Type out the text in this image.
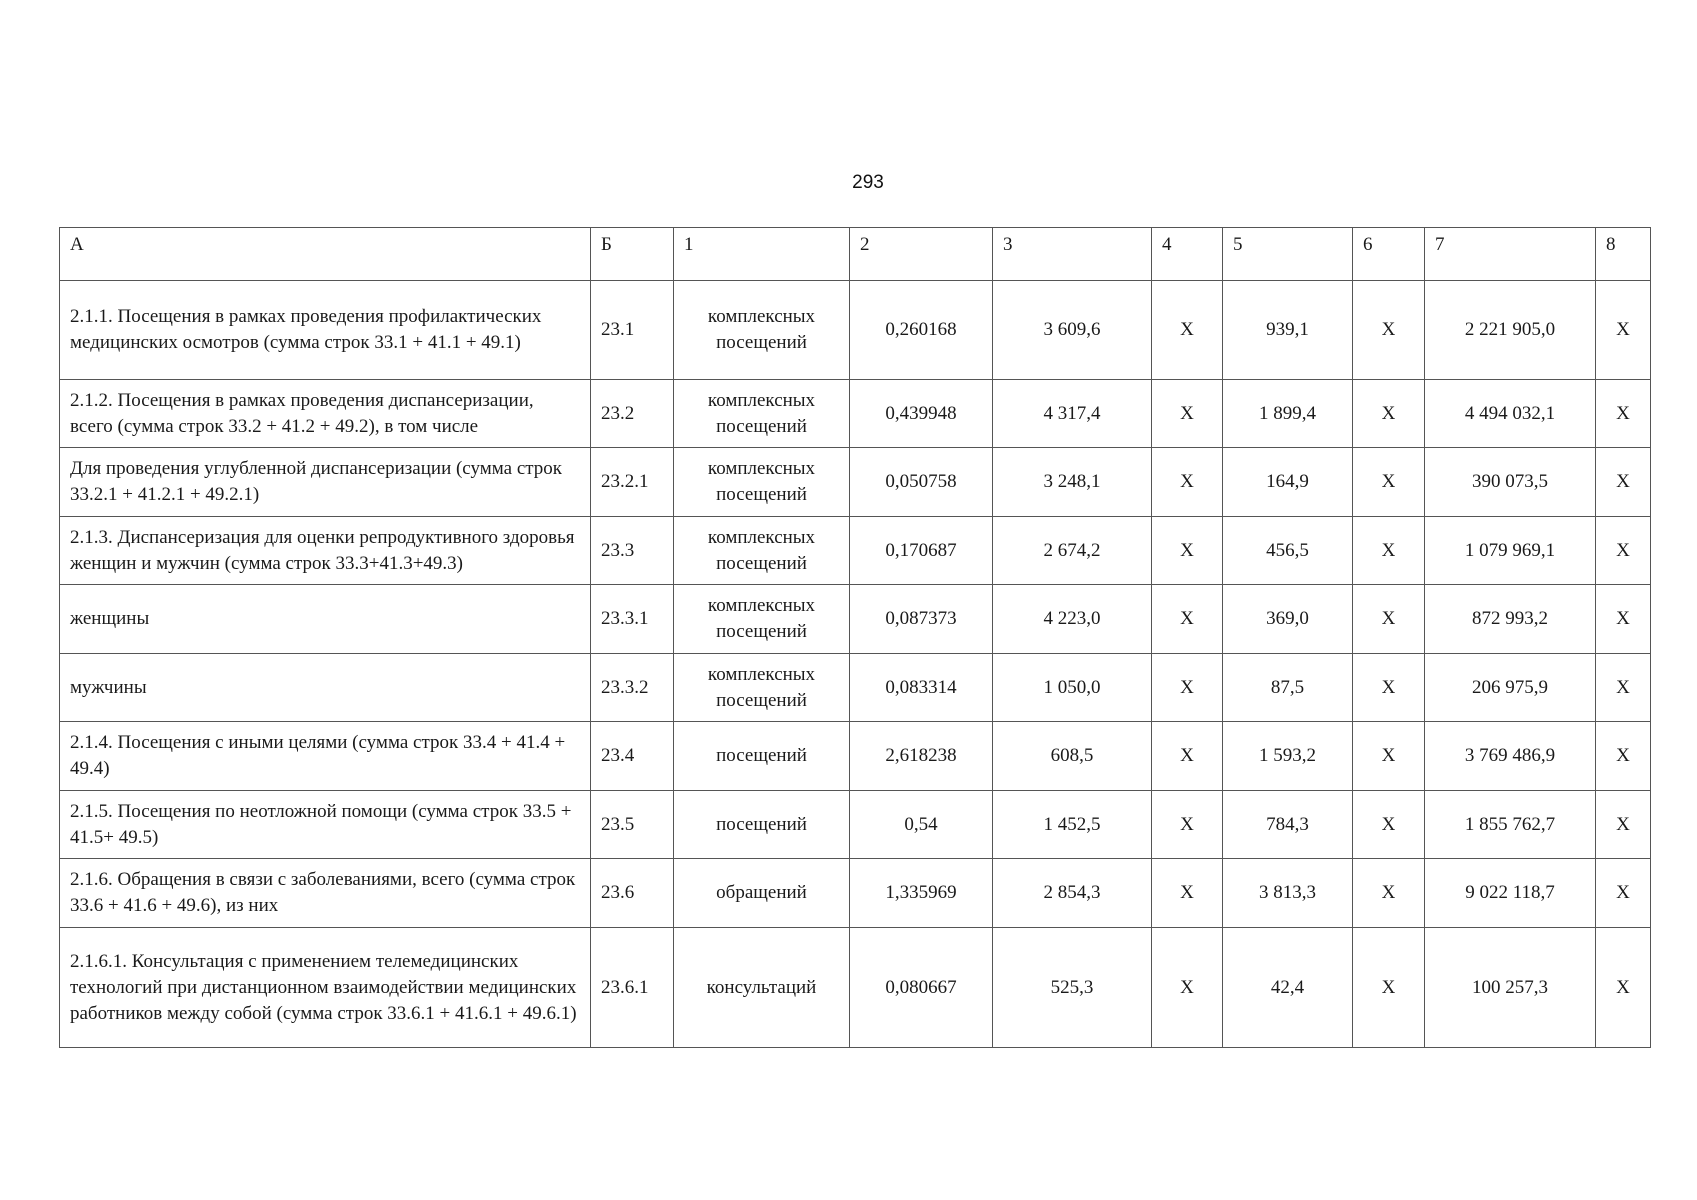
293
А	Б	1	2	3	4	5	6	7	8
2.1.1. Посещения в рамках проведения профилактических медицинских осмотров (сумма строк 33.1 + 41.1 + 49.1)	23.1	комплексных посещений	0,260168	3 609,6	X	939,1	X	2 221 905,0	X
2.1.2. Посещения в рамках проведения диспансеризации, всего (сумма строк 33.2 + 41.2 + 49.2), в том числе	23.2	комплексных посещений	0,439948	4 317,4	X	1 899,4	X	4 494 032,1	X
Для проведения углубленной диспансеризации (сумма строк 33.2.1 + 41.2.1 + 49.2.1)	23.2.1	комплексных посещений	0,050758	3 248,1	X	164,9	X	390 073,5	X
2.1.3. Диспансеризация для оценки репродуктивного здоровья женщин и мужчин (сумма строк 33.3+41.3+49.3)	23.3	комплексных посещений	0,170687	2 674,2	X	456,5	X	1 079 969,1	X
женщины	23.3.1	комплексных посещений	0,087373	4 223,0	X	369,0	X	872 993,2	X
мужчины	23.3.2	комплексных посещений	0,083314	1 050,0	X	87,5	X	206 975,9	X
2.1.4. Посещения с иными целями (сумма строк 33.4 + 41.4 + 49.4)	23.4	посещений	2,618238	608,5	X	1 593,2	X	3 769 486,9	X
2.1.5. Посещения по неотложной помощи (сумма строк 33.5 + 41.5+ 49.5)	23.5	посещений	0,54	1 452,5	X	784,3	X	1 855 762,7	X
2.1.6. Обращения в связи с заболеваниями, всего (сумма строк 33.6 + 41.6 + 49.6), из них	23.6	обращений	1,335969	2 854,3	X	3 813,3	X	9 022 118,7	X
2.1.6.1. Консультация с применением телемедицинских технологий при дистанционном взаимодействии медицинских работников между собой (сумма строк 33.6.1 + 41.6.1 + 49.6.1)	23.6.1	консультаций	0,080667	525,3	X	42,4	X	100 257,3	X
